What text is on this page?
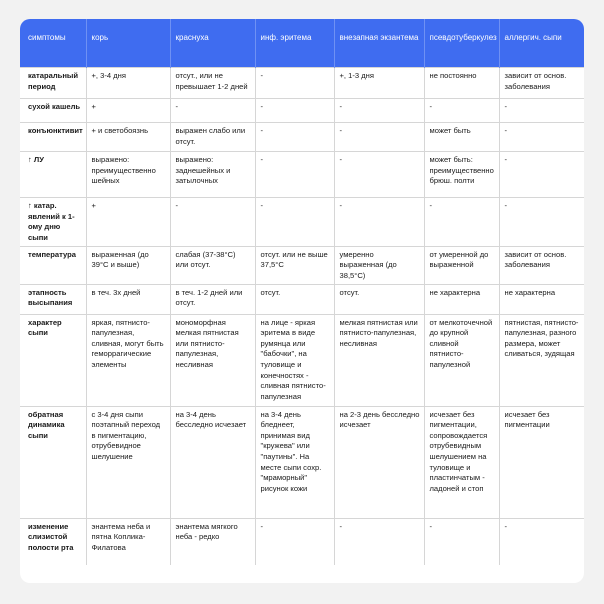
симптомы	корь	краснуха	инф. эритема	внезапная экзантема	псевдотуберкулез	аллергич. сыпи
катаральный период	+, 3-4 дня	отсут., или не превышает 1-2 дней	-	+, 1-3 дня	не постоянно	зависит от основ. заболевания
сухой кашель	+	-	-	-	-	-
конъюнктивит	+ и светобоязнь	выражен слабо или отсут.	-	-	может быть	-
↑ ЛУ	выражено: преимущественно шейных	выражено: заднешейных и затылочных	-	-	может быть: преимущественно брюш. полти	-
↑ катар. явлений к 1-ому дню сыпи	+	-	-	-	-	-
температура	выраженная (до 39°C и выше)	слабая (37-38°C) или отсут.	отсут. или не выше 37,5°C	умеренно выраженная (до 38,5°C)	от умеренной до выраженной	зависит от основ. заболевания
этапность высыпания	в теч. 3х дней	в теч. 1-2 дней или отсут.	отсут.	отсут.	не характерна	не характерна
характер сыпи	яркая, пятнисто-папулезная, сливная, могут быть геморрагические элементы	мономорфная мелкая пятнистая или пятнисто-папулезная, несливная	на лице - яркая эритема в виде румянца или "бабочки", на туловище и конечностях - сливная пятнисто-папулезная	мелкая пятнистая или пятнисто-папулезная, несливная	от мелкоточечной до крупной сливной пятнисто-папулезной	пятнистая, пятнисто-папулезная, разного размера, может сливаться, зудящая
обратная динамика сыпи	с 3-4 дня сыпи поэтапный переход в пигментацию, отрубевидное шелушение	на 3-4 день бесследно исчезает	на 3-4 день бледнеет, принимая вид "кружева" или "паутины". На месте сыпи сохр. "мраморный" рисунок кожи	на 2-3 день бесследно исчезает	исчезает без пигментации, сопровождается отрубевидным шелушением на туловище и пластинчатым - ладоней и стоп	исчезает без пигментации
изменение слизистой полости рта	энантема неба и пятна Коплика-Филатова	энантема мягкого неба - редко	-	-	-	-
